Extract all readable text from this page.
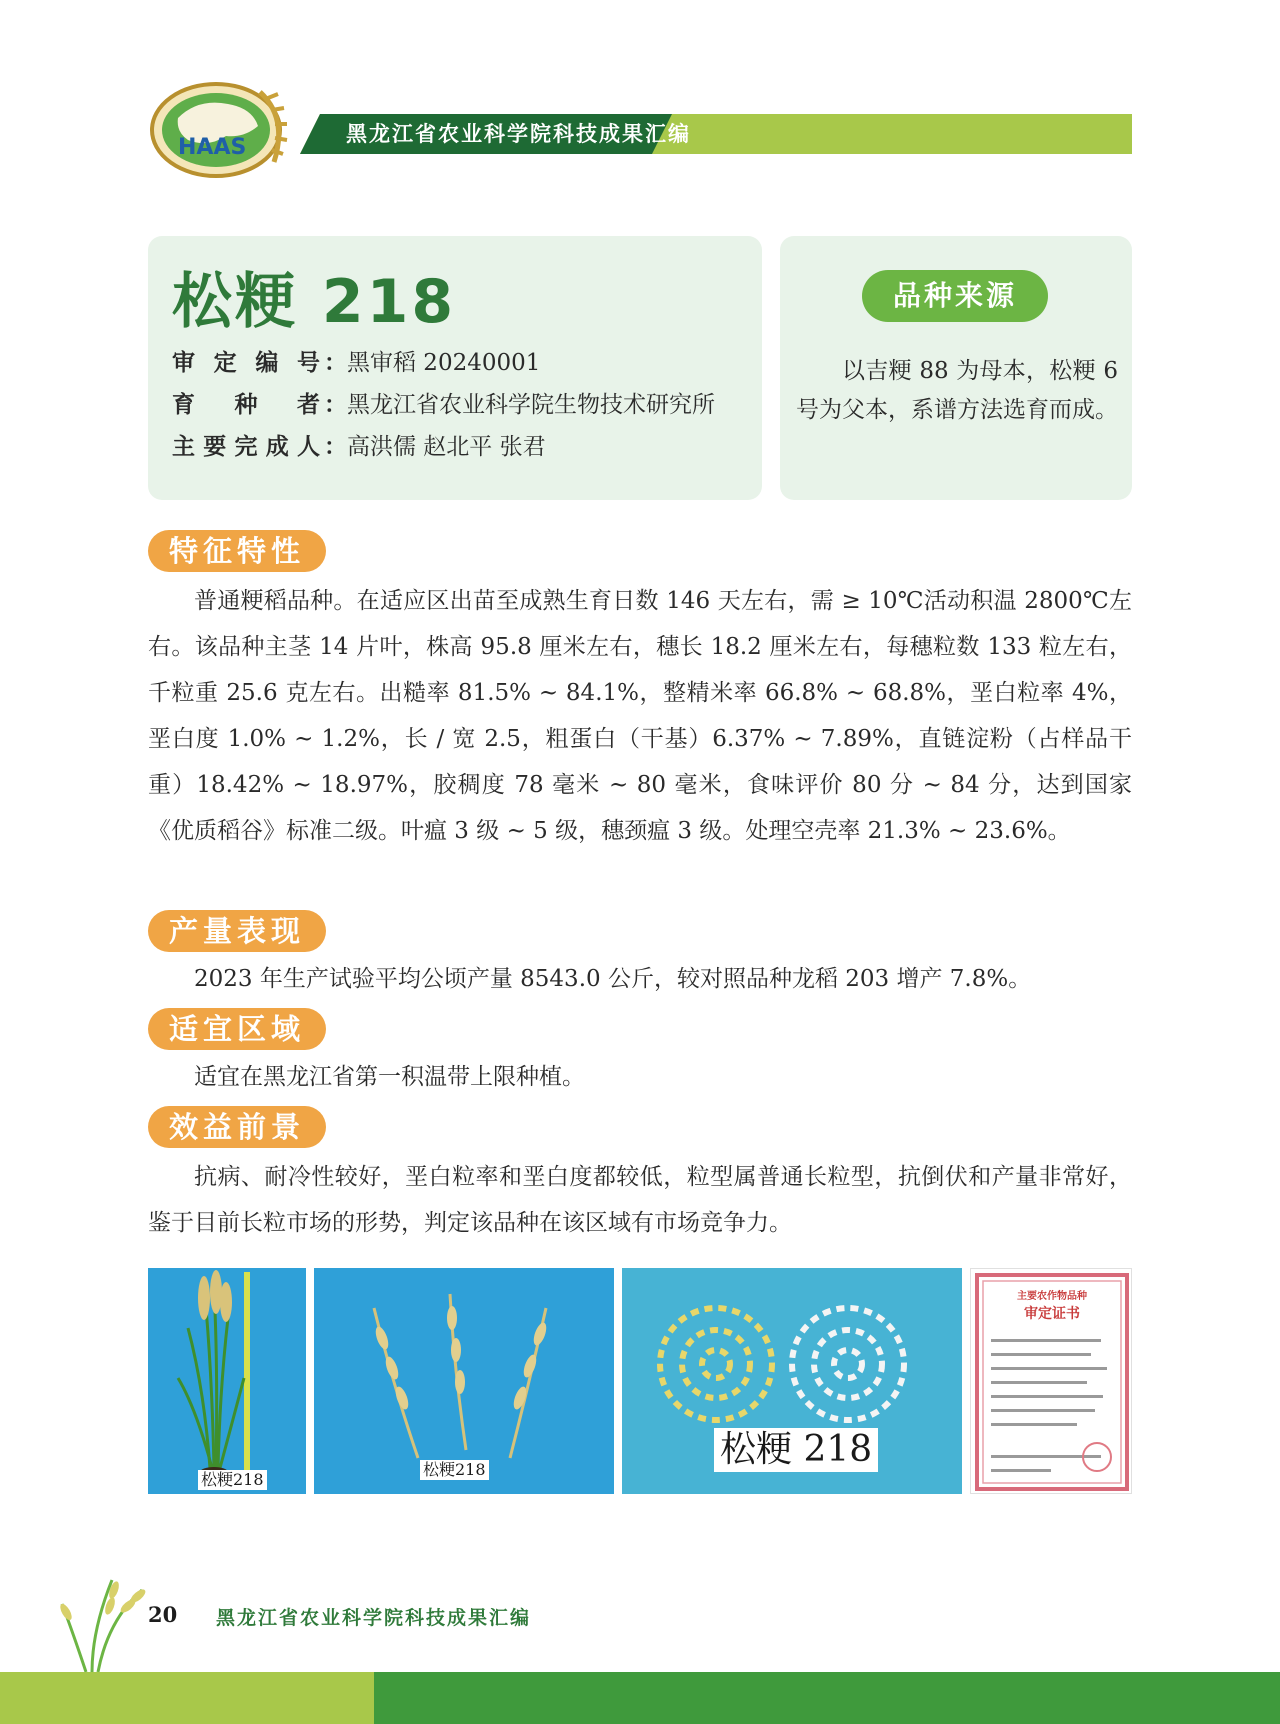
HAAS
黑龙江省农业科学院科技成果汇编
松粳 218
审定编号 ：黑审稻 20240001
育种者 ：黑龙江省农业科学院生物技术研究所
主要完成人 ：高洪儒 赵北平 张君
品种来源
以吉粳 88 为母本，松粳 6 号为父本，系谱方法选育而成。
特征特性
普通粳稻品种。在适应区出苗至成熟生育日数 146 天左右，需 ≥ 10℃活动积温 2800℃左右。该品种主茎 14 片叶，株高 95.8 厘米左右，穗长 18.2 厘米左右，每穗粒数 133 粒左右，千粒重 25.6 克左右。出糙率 81.5% ~ 84.1%，整精米率 66.8% ~ 68.8%，垩白粒率 4%，垩白度 1.0% ~ 1.2%，长 / 宽 2.5，粗蛋白（干基）6.37% ~ 7.89%，直链淀粉（占样品干重）18.42% ~ 18.97%，胶稠度 78 毫米 ~ 80 毫米，食味评价 80 分 ~ 84 分，达到国家《优质稻谷》标准二级。叶瘟 3 级 ~ 5 级，穗颈瘟 3 级。处理空壳率 21.3% ~ 23.6%。
产量表现
2023 年生产试验平均公顷产量 8543.0 公斤，较对照品种龙稻 203 增产 7.8%。
适宜区域
适宜在黑龙江省第一积温带上限种植。
效益前景
抗病、耐冷性较好，垩白粒率和垩白度都较低，粒型属普通长粒型，抗倒伏和产量非常好，鉴于目前长粒市场的形势，判定该品种在该区域有市场竞争力。
松粳218
松粳218	松粳 218
主要农作物品种
审定证书
20 黑龙江省农业科学院科技成果汇编
